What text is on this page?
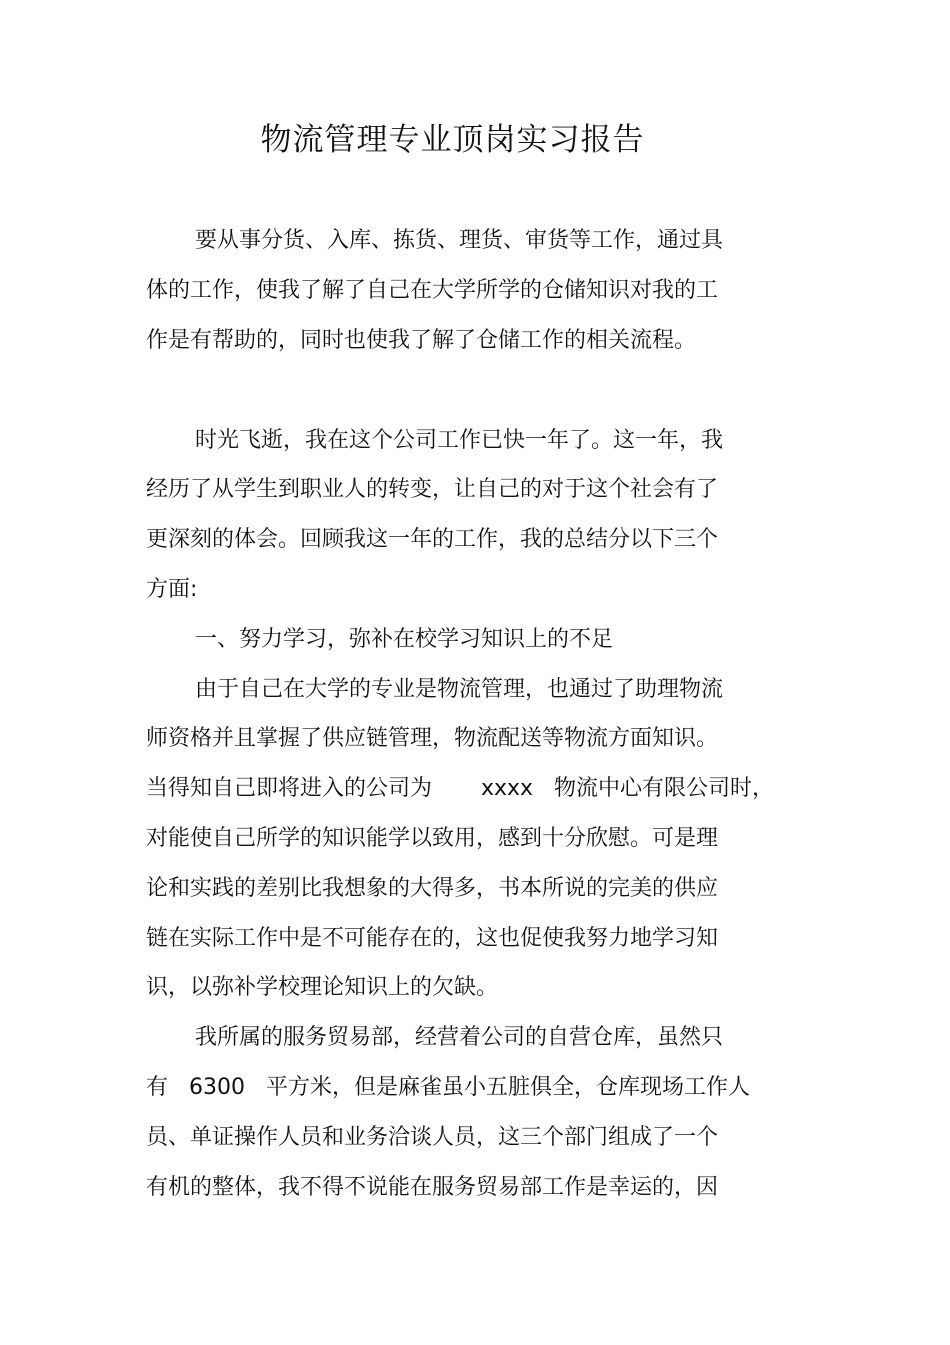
物流管理专业顶岗实习报告
要从事分货、入库、拣货、理货、审货等工作，通过具
体的工作，使我了解了自己在大学所学的仓储知识对我的工
作是有帮助的，同时也使我了解了仓储工作的相关流程。
时光飞逝，我在这个公司工作已快一年了。这一年，我
经历了从学生到职业人的转变，让自己的对于这个社会有了
更深刻的体会。回顾我这一年的工作，我的总结分以下三个
方面:
一、努力学习，弥补在校学习知识上的不足
由于自己在大学的专业是物流管理，也通过了助理物流
师资格并且掌握了供应链管理，物流配送等物流方面知识。
当得知自己即将进入的公司为       xxxx   物流中心有限公司时，
对能使自己所学的知识能学以致用，感到十分欣慰。可是理
论和实践的差别比我想象的大得多，书本所说的完美的供应
链在实际工作中是不可能存在的，这也促使我努力地学习知
识，以弥补学校理论知识上的欠缺。
我所属的服务贸易部，经营着公司的自营仓库，虽然只
有   6300   平方米，但是麻雀虽小五脏俱全，仓库现场工作人
员、单证操作人员和业务洽谈人员，这三个部门组成了一个
有机的整体，我不得不说能在服务贸易部工作是幸运的，因
